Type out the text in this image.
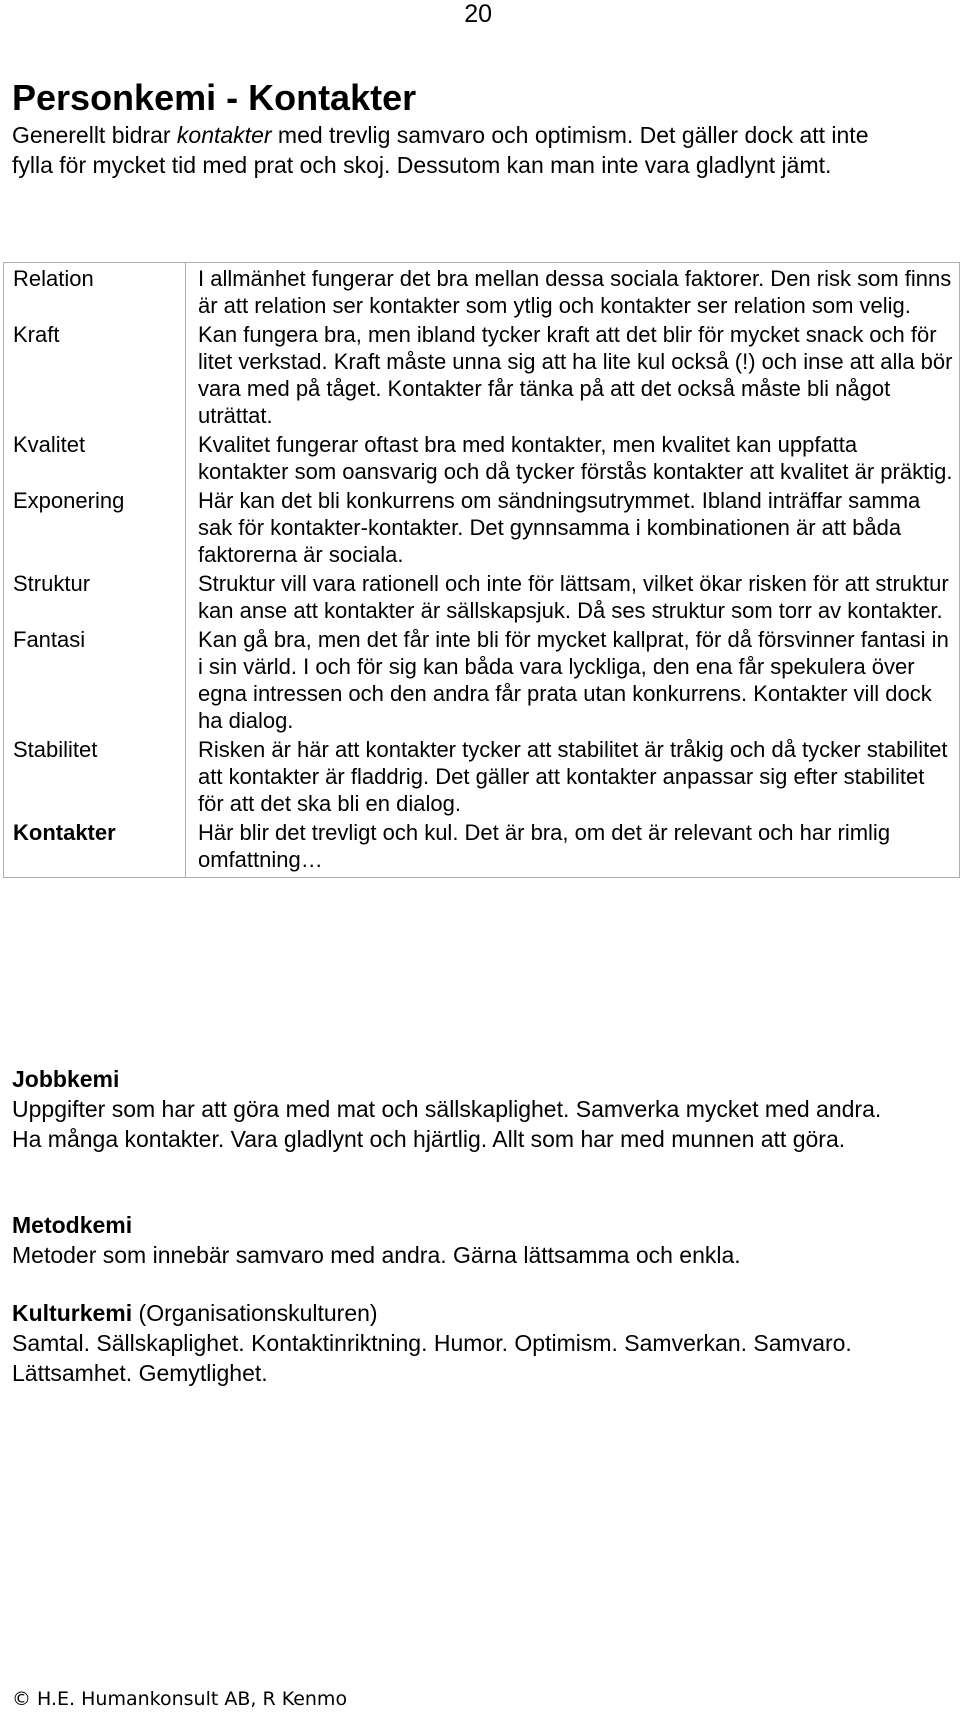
20
Personkemi - Kontakter

Generellt bidrar kontakter med trevlig samvaro och optimism. Det gäller dock att inte fylla för mycket tid med prat och skoj. Dessutom kan man inte vara gladlynt jämt.

Relation	I allmänhet fungerar det bra mellan dessa sociala faktorer. Den risk som finns är att relation ser kontakter som ytlig och kontakter ser relation som velig.
Kraft	Kan fungera bra, men ibland tycker kraft att det blir för mycket snack och för litet verkstad. Kraft måste unna sig att ha lite kul också (!) och inse att alla bör vara med på tåget. Kontakter får tänka på att det också måste bli något uträttat.
Kvalitet	Kvalitet fungerar oftast bra med kontakter, men kvalitet kan uppfatta kontakter som oansvarig och då tycker förstås kontakter att kvalitet är präktig.
Exponering	Här kan det bli konkurrens om sändningsutrymmet. Ibland inträffar samma sak för kontakter-kontakter. Det gynnsamma i kombinationen är att båda faktorerna är sociala.
Struktur	Struktur vill vara rationell och inte för lättsam, vilket ökar risken för att struktur kan anse att kontakter är sällskapsjuk. Då ses struktur som torr av kontakter.
Fantasi	Kan gå bra, men det får inte bli för mycket kallprat, för då försvinner fantasi in i sin värld. I och för sig kan båda vara lyckliga, den ena får spekulera över egna intressen och den andra får prata utan konkurrens. Kontakter vill dock ha dialog.
Stabilitet	Risken är här att kontakter tycker att stabilitet är tråkig och då tycker stabilitet att kontakter är fladdrig. Det gäller att kontakter anpassar sig efter stabilitet för att det ska bli en dialog.
Kontakter	Här blir det trevligt och kul. Det är bra, om det är relevant och har rimlig omfattning…
Jobbkemi

Uppgifter som har att göra med mat och sällskaplighet. Samverka mycket med andra. Ha många kontakter. Vara gladlynt och hjärtlig. Allt som har med munnen att göra.

Metodkemi

Metoder som innebär samvaro med andra. Gärna lättsamma och enkla.

Kulturkemi (Organisationskulturen)

Samtal. Sällskaplighet. Kontaktinriktning. Humor. Optimism. Samverkan. Samvaro. Lättsamhet. Gemytlighet.

© H.E. Humankonsult AB, R Kenmo
